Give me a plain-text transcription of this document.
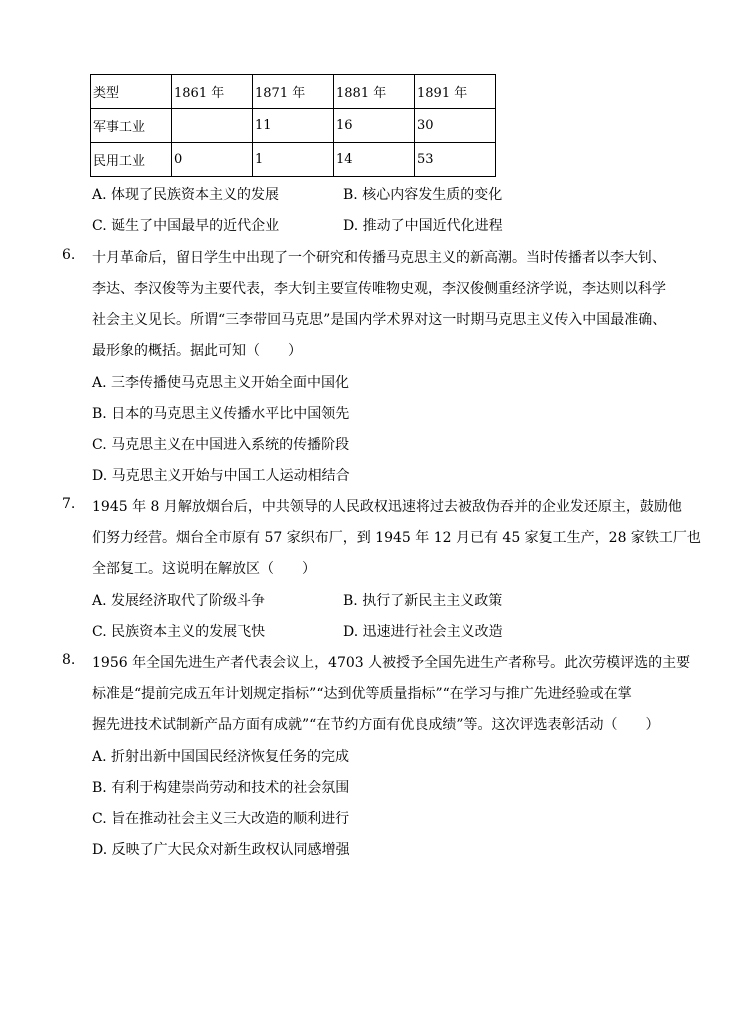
类型	1861 年	1871 年	1881 年	1891 年
军事工业		11	16	30
民用工业	0	1	14	53
A. 体现了民族资本主义的发展	B. 核心内容发生质的变化
C. 诞生了中国最早的近代企业	D. 推动了中国近代化进程
6. 十月革命后，留日学生中出现了一个研究和传播马克思主义的新高潮。当时传播者以李大钊、
李达、李汉俊等为主要代表，李大钊主要宣传唯物史观，李汉俊侧重经济学说，李达则以科学
社会主义见长。所谓“三李带回马克思”是国内学术界对这一时期马克思主义传入中国最准确、
最形象的概括。据此可知（　　）
A. 三李传播使马克思主义开始全面中国化
B. 日本的马克思主义传播水平比中国领先
C. 马克思主义在中国进入系统的传播阶段
D. 马克思主义开始与中国工人运动相结合
7. 1945 年 8 月解放烟台后，中共领导的人民政权迅速将过去被敌伪吞并的企业发还原主，鼓励他
们努力经营。烟台全市原有 57 家织布厂，到 1945 年 12 月已有 45 家复工生产，28 家铁工厂也
全部复工。这说明在解放区（　　）
A. 发展经济取代了阶级斗争	B. 执行了新民主主义政策
C. 民族资本主义的发展飞快	D. 迅速进行社会主义改造
8. 1956 年全国先进生产者代表会议上，4703 人被授予全国先进生产者称号。此次劳模评选的主要
标准是“提前完成五年计划规定指标”“达到优等质量指标”“在学习与推广先进经验或在掌
握先进技术试制新产品方面有成就”“在节约方面有优良成绩”等。这次评选表彰活动（　　）
A. 折射出新中国国民经济恢复任务的完成
B. 有利于构建崇尚劳动和技术的社会氛围
C. 旨在推动社会主义三大改造的顺利进行
D. 反映了广大民众对新生政权认同感增强
